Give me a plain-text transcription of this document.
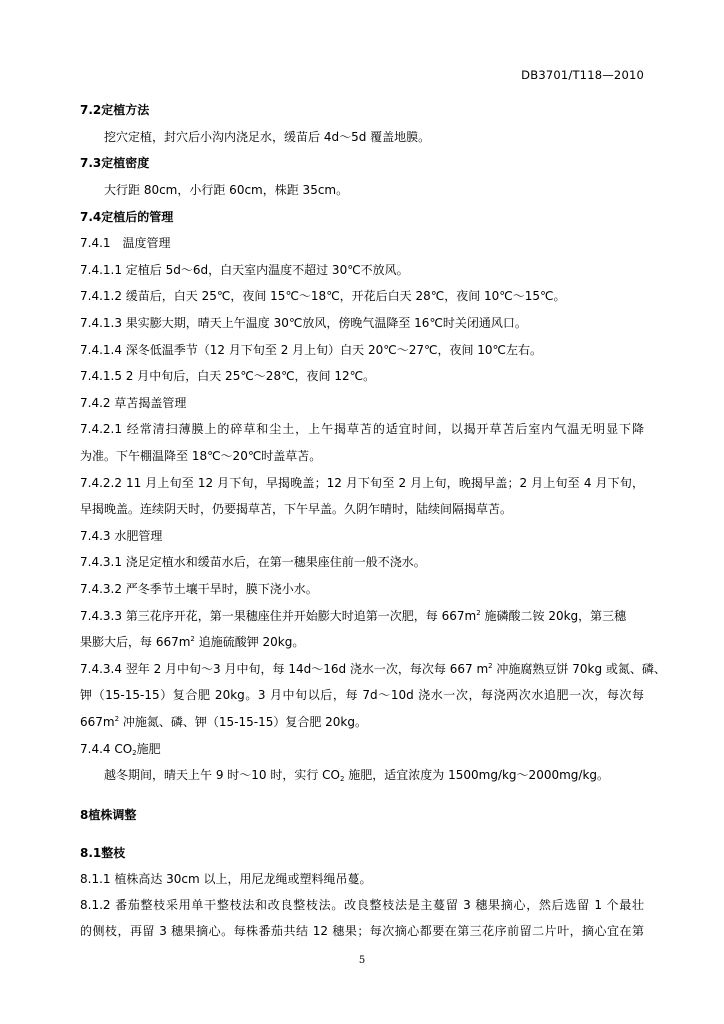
DB3701/T118—2010
7.2定植方法
挖穴定植，封穴后小沟内浇足水，缓苗后 4d～5d 覆盖地膜。
7.3定植密度
大行距 80cm，小行距 60cm，株距 35cm。
7.4定植后的管理
7.4.1　温度管理
7.4.1.1 定植后 5d～6d，白天室内温度不超过 30℃不放风。
7.4.1.2 缓苗后，白天 25℃，夜间 15℃～18℃，开花后白天 28℃，夜间 10℃～15℃。
7.4.1.3 果实膨大期，晴天上午温度 30℃放风，傍晚气温降至 16℃时关闭通风口。
7.4.1.4 深冬低温季节（12 月下旬至 2 月上旬）白天 20℃～27℃，夜间 10℃左右。
7.4.1.5 2 月中旬后，白天 25℃～28℃，夜间 12℃。
7.4.2 草苫揭盖管理
7.4.2.1 经常清扫薄膜上的碎草和尘土，上午揭草苫的适宜时间，以揭开草苫后室内气温无明显下降
为准。下午棚温降至 18℃～20℃时盖草苫。
7.4.2.2 11 月上旬至 12 月下旬，早揭晚盖；12 月下旬至 2 月上旬，晚揭早盖；2 月上旬至 4 月下旬，
早揭晚盖。连续阴天时，仍要揭草苫，下午早盖。久阴乍晴时，陆续间隔揭草苫。
7.4.3 水肥管理
7.4.3.1 浇足定植水和缓苗水后，在第一穗果座住前一般不浇水。
7.4.3.2 严冬季节土壤干旱时，膜下浇小水。
7.4.3.3 第三花序开花，第一果穗座住并开始膨大时追第一次肥，每 $667m^2$ 施磷酸二铵 20kg，第三穗
果膨大后，每 $667m^2$ 追施硫酸钾 20kg。
7.4.3.4 翌年 2 月中旬～3 月中旬，每 14d～16d 浇水一次，每次每 667 $m^2$ 冲施腐熟豆饼 70kg 或氮、磷、
钾（15-15-15）复合肥 20kg。3 月中旬以后，每 7d～10d 浇水一次，每浇两次水追肥一次，每次每
$667m^2$ 冲施氮、磷、钾（15-15-15）复合肥 20kg。
7.4.4 $CO_2$施肥
越冬期间，晴天上午 9 时～10 时，实行 $CO_2$ 施肥，适宜浓度为 1500mg/kg～2000mg/kg。
8植株调整
8.1整枝
8.1.1 植株高达 30cm 以上，用尼龙绳或塑料绳吊蔓。
8.1.2 番茄整枝采用单干整枝法和改良整枝法。改良整枝法是主蔓留 3 穗果摘心，然后选留 1 个最壮
的侧枝，再留 3 穗果摘心。每株番茄共结 12 穗果；每次摘心都要在第三花序前留二片叶，摘心宜在第
5
